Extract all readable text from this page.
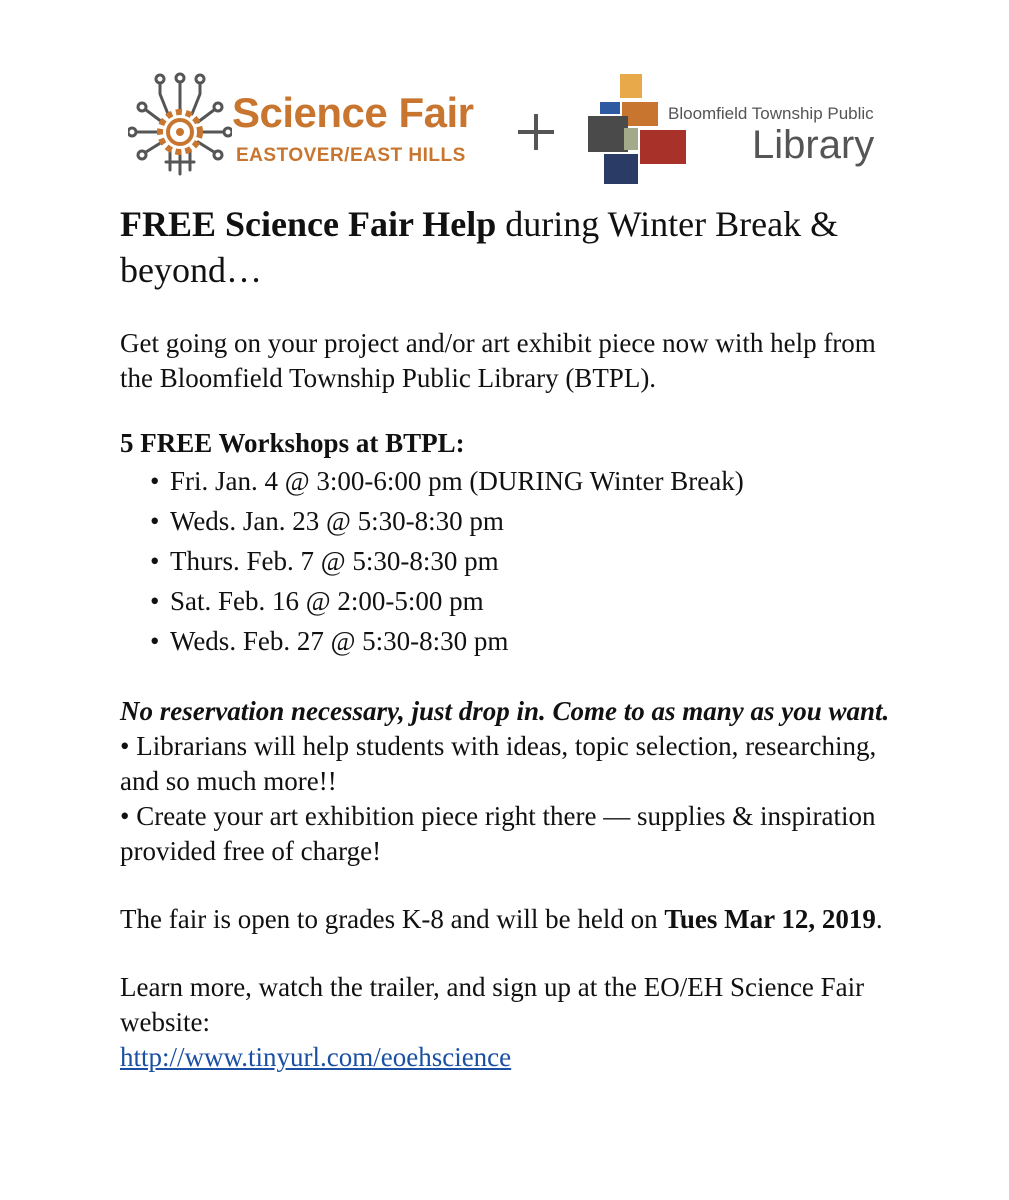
Science Fair
EASTOVER/EAST HILLS
Bloomfield Township Public
Library
FREE Science Fair Help during Winter Break & beyond…

Get going on your project and/or art exhibit piece now with help from the Bloomfield Township Public Library (BTPL).

5 FREE Workshops at BTPL:

• Fri. Jan. 4 @ 3:00-6:00 pm (DURING Winter Break)
• Weds. Jan. 23 @ 5:30-8:30 pm
• Thurs. Feb. 7 @ 5:30-8:30 pm
• Sat. Feb. 16 @ 2:00-5:00 pm
• Weds. Feb. 27 @ 5:30-8:30 pm

No reservation necessary, just drop in. Come to as many as you want.

• Librarians will help students with ideas, topic selection, researching, and so much more!!

• Create your art exhibition piece right there — supplies & inspiration provided free of charge!

The fair is open to grades K-8 and will be held on Tues Mar 12, 2019.

Learn more, watch the trailer, and sign up at the EO/EH Science Fair website:

http://www.tinyurl.com/eoehscience
